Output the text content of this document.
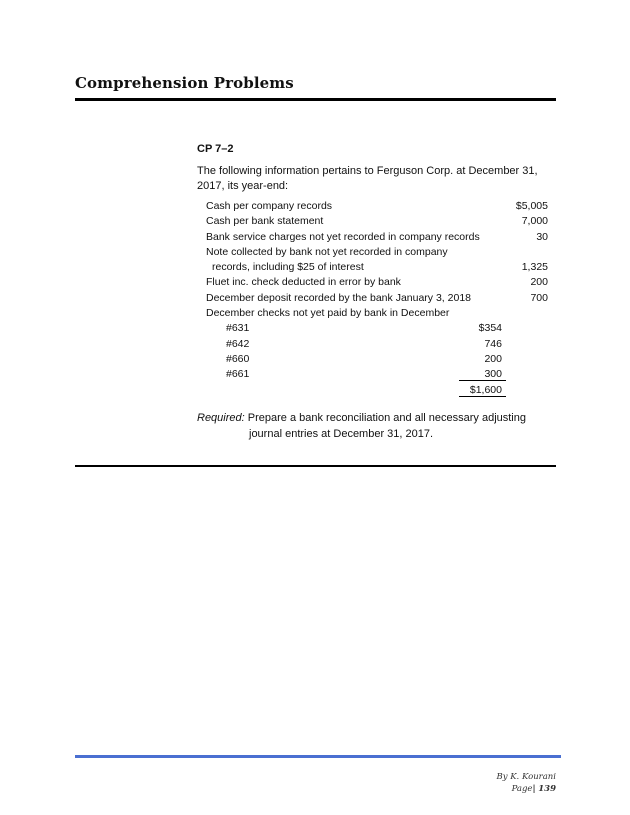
Comprehension Problems
CP 7–2
The following information pertains to Ferguson Corp. at December 31, 2017, its year-end:
Cash per company records	$5,005
Cash per bank statement	7,000
Bank service charges not yet recorded in company records	30
Note collected by bank not yet recorded in company
records, including $25 of interest	1,325
Fluet inc. check deducted in error by bank	200
December deposit recorded by the bank January 3, 2018	700
December checks not yet paid by bank in December
#631	$354
#642	746
#660	200
#661	300
$1,600
Required: Prepare a bank reconciliation and all necessary adjusting
journal entries at December 31, 2017.
By K. Kourani
Page| 139
